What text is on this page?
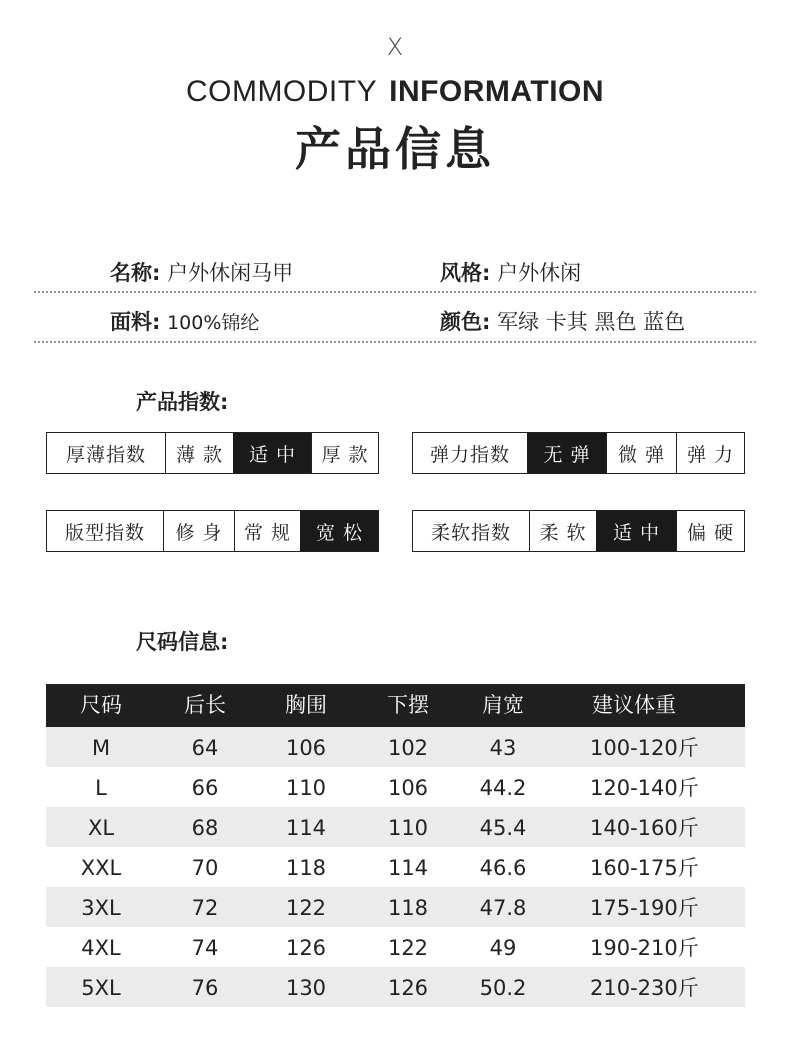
X
COMMODITY INFORMATION
产品信息
名称: 户外休闲马甲	风格: 户外休闲
面料: 100%锦纶	颜色: 军绿 卡其 黑色 蓝色
产品指数:
厚薄指数	薄 款	适 中	厚 款	弹力指数	无 弹	微 弹	弹 力
版型指数	修 身	常 规	宽 松	柔软指数	柔 软	适 中	偏 硬
尺码信息:
尺码	后长	胸围	下摆	肩宽	建议体重
M	64	106	102	43	100-120斤
L	66	110	106	44.2	120-140斤
XL	68	114	110	45.4	140-160斤
XXL	70	118	114	46.6	160-175斤
3XL	72	122	118	47.8	175-190斤
4XL	74	126	122	49	190-210斤
5XL	76	130	126	50.2	210-230斤
